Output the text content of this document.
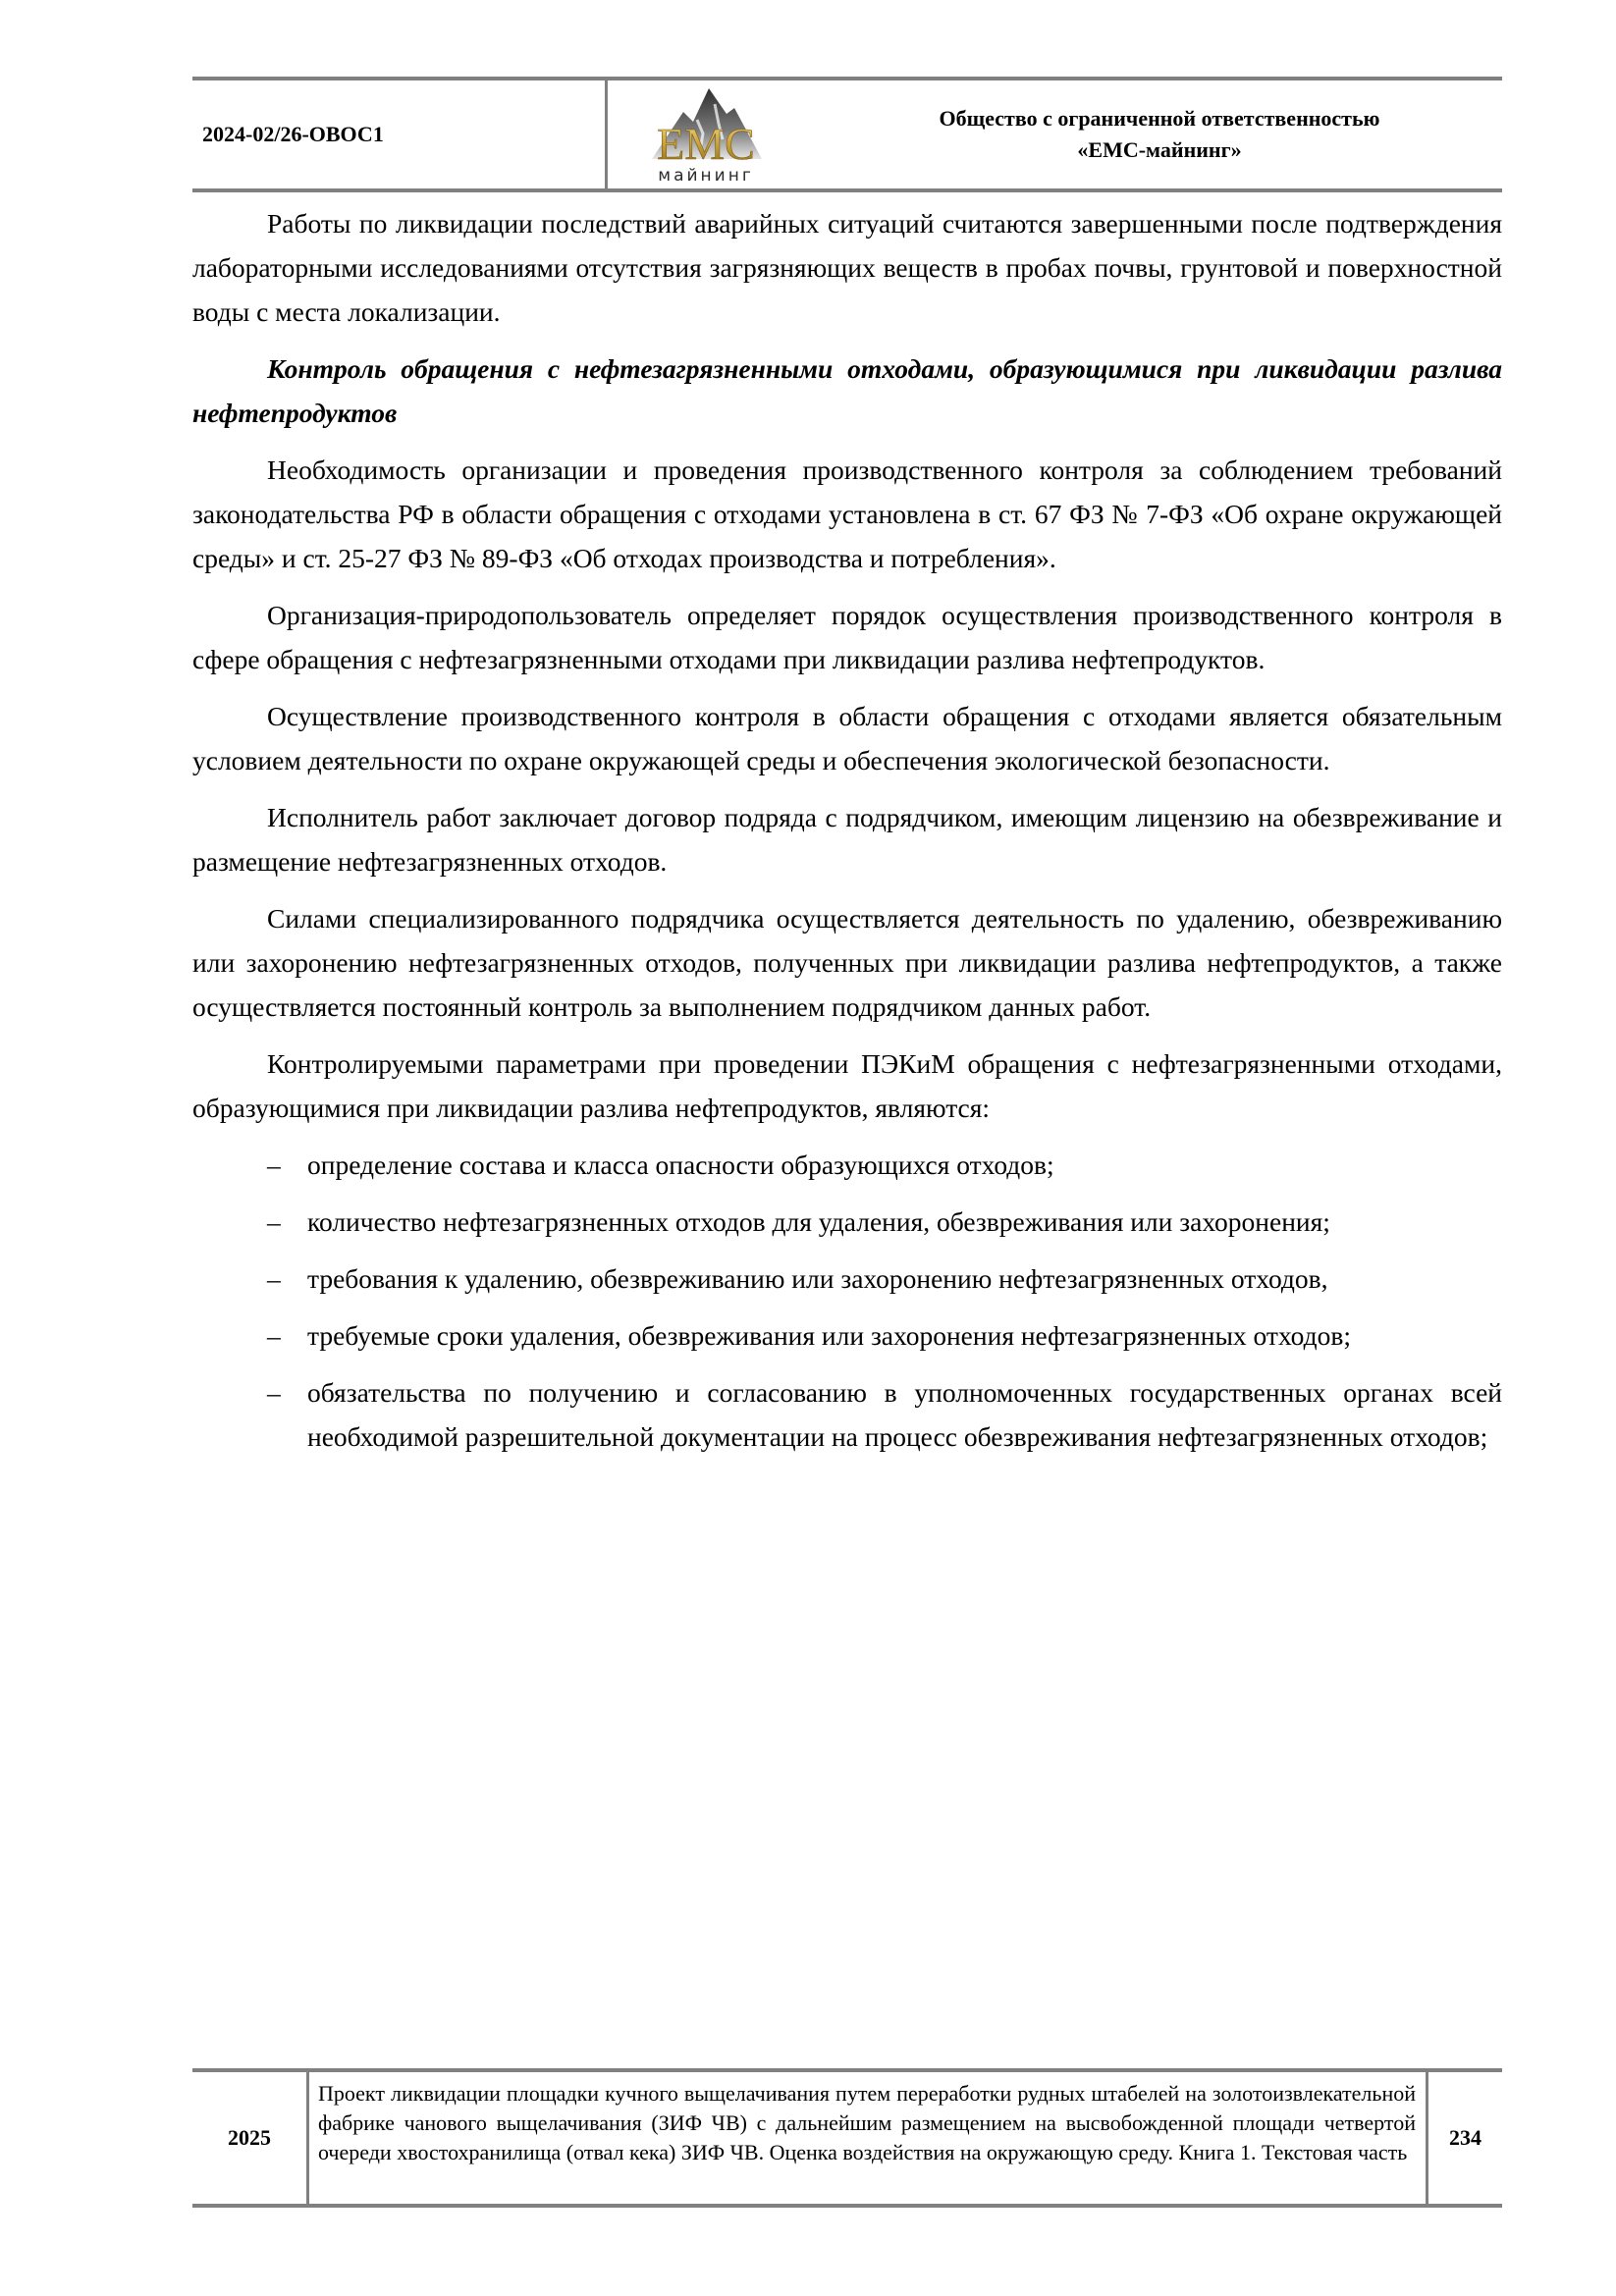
2024-02/26-ОВОС1	ЕМС
майнинг
Общество с ограниченной ответственностью
«ЕМС-майнинг»

Работы по ликвидации последствий аварийных ситуаций считаются завершенными после подтверждения лабораторными исследованиями отсутствия загрязняющих веществ в пробах почвы, грунтовой и поверхностной воды с места локализации.

Контроль обращения с нефтезагрязненными отходами, образующимися при ликвидации разлива нефтепродуктов

Необходимость организации и проведения производственного контроля за соблюдением требований законодательства РФ в области обращения с отходами установлена в ст. 67 ФЗ № 7-ФЗ «Об охране окружающей среды» и ст. 25-27 ФЗ № 89-ФЗ «Об отходах производства и потребления».

Организация-природопользователь определяет порядок осуществления производственного контроля в сфере обращения с нефтезагрязненными отходами при ликвидации разлива нефтепродуктов.

Осуществление производственного контроля в области обращения с отходами является обязательным условием деятельности по охране окружающей среды и обеспечения экологической безопасности.

Исполнитель работ заключает договор подряда с подрядчиком, имеющим лицензию на обезвреживание и размещение нефтезагрязненных отходов.

Силами специализированного подрядчика осуществляется деятельность по удалению, обезвреживанию или захоронению нефтезагрязненных отходов, полученных при ликвидации разлива нефтепродуктов, а также осуществляется постоянный контроль за выполнением подрядчиком данных работ.

Контролируемыми параметрами при проведении ПЭКиМ обращения с нефтезагрязненными отходами, образующимися при ликвидации разлива нефтепродуктов, являются:

– определение состава и класса опасности образующихся отходов;
– количество нефтезагрязненных отходов для удаления, обезвреживания или захоронения;
– требования к удалению, обезвреживанию или захоронению нефтезагрязненных отходов,
– требуемые сроки удаления, обезвреживания или захоронения нефтезагрязненных отходов;
– обязательства по получению и согласованию в уполномоченных государственных органах всей необходимой разрешительной документации на процесс обезвреживания нефтезагрязненных отходов;
2025
Проект ликвидации площадки кучного выщелачивания путем переработки рудных штабелей на золотоизвлекательной фабрике чанового выщелачивания (ЗИФ ЧВ) с дальнейшим размещением на высвобожденной площади четвертой очереди хвостохранилища (отвал кека) ЗИФ ЧВ. Оценка воздействия на окружающую среду. Книга 1. Текстовая часть
234
